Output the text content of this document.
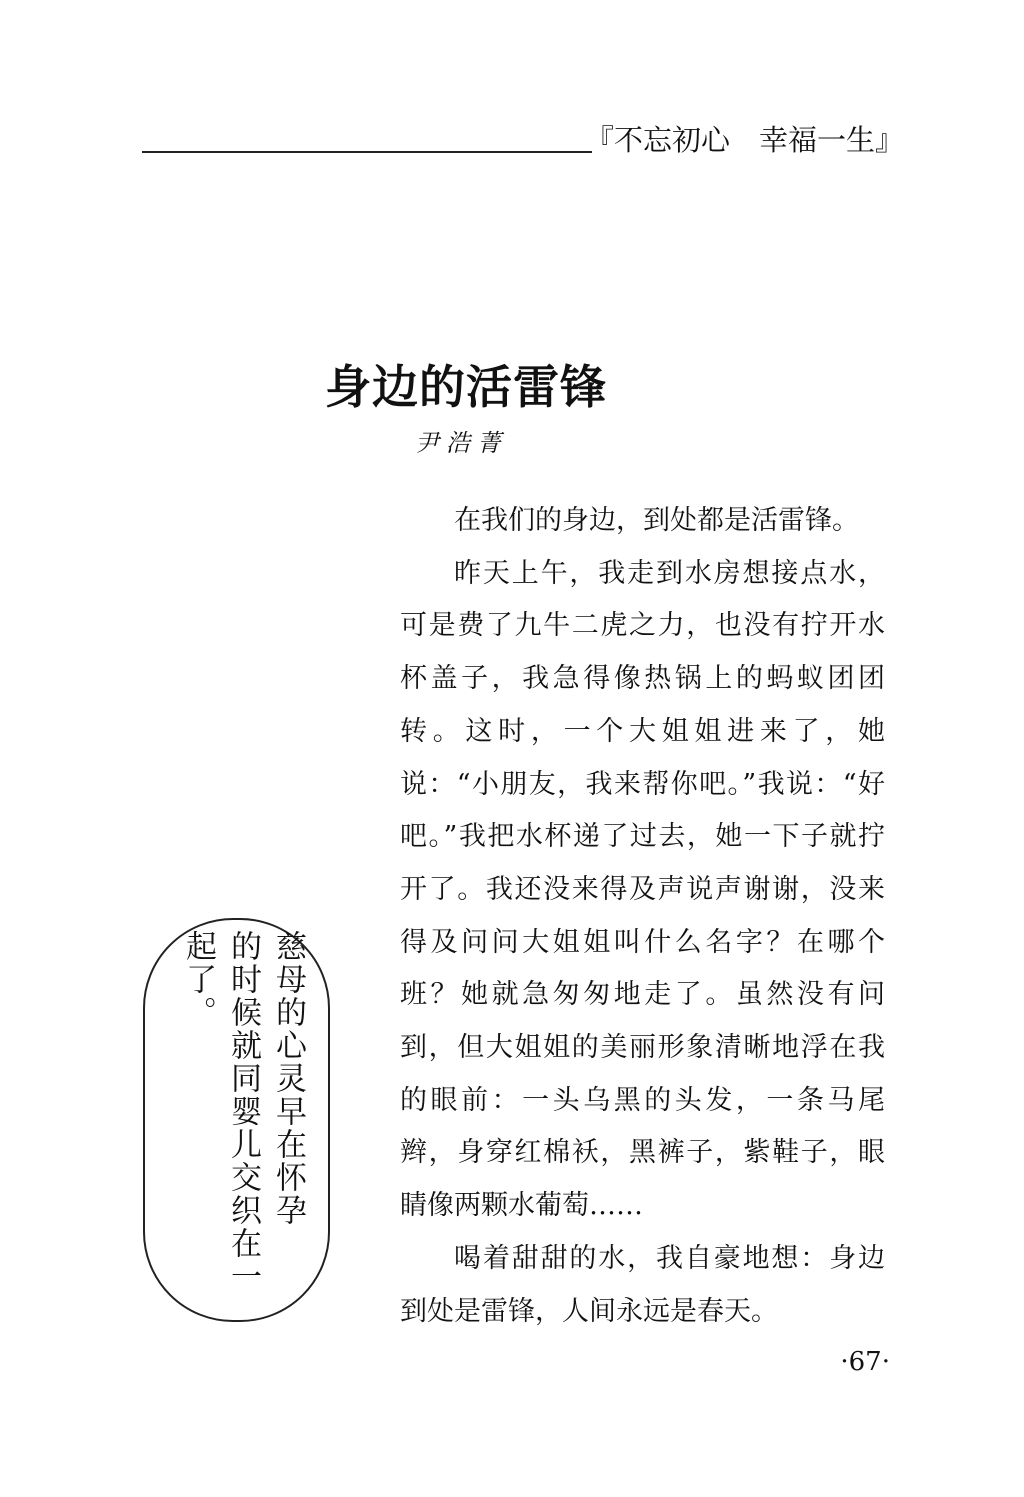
『不忘初心　幸福一生』
身边的活雷锋
尹浩菁

在我们的身边，到处都是活雷锋。

昨天上午，我走到水房想接点水，可是费了九牛二虎之力，也没有拧开水杯盖子，我急得像热锅上的蚂蚁团团转。这时，一个大姐姐进来了，她说：“小朋友，我来帮你吧。”我说：“好吧。”我把水杯递了过去，她一下子就拧开了。我还没来得及声说声谢谢，没来得及问问大姐姐叫什么名字？在哪个班？她就急匆匆地走了。虽然没有问到，但大姐姐的美丽形象清晰地浮在我的眼前：一头乌黑的头发，一条马尾辫，身穿红棉袄，黑裤子，紫鞋子，眼睛像两颗水葡萄……

喝着甜甜的水，我自豪地想：身边到处是雷锋，人间永远是春天。

慈母的心灵早在怀孕
的时候就同婴儿交织在一
起了。
·67·
